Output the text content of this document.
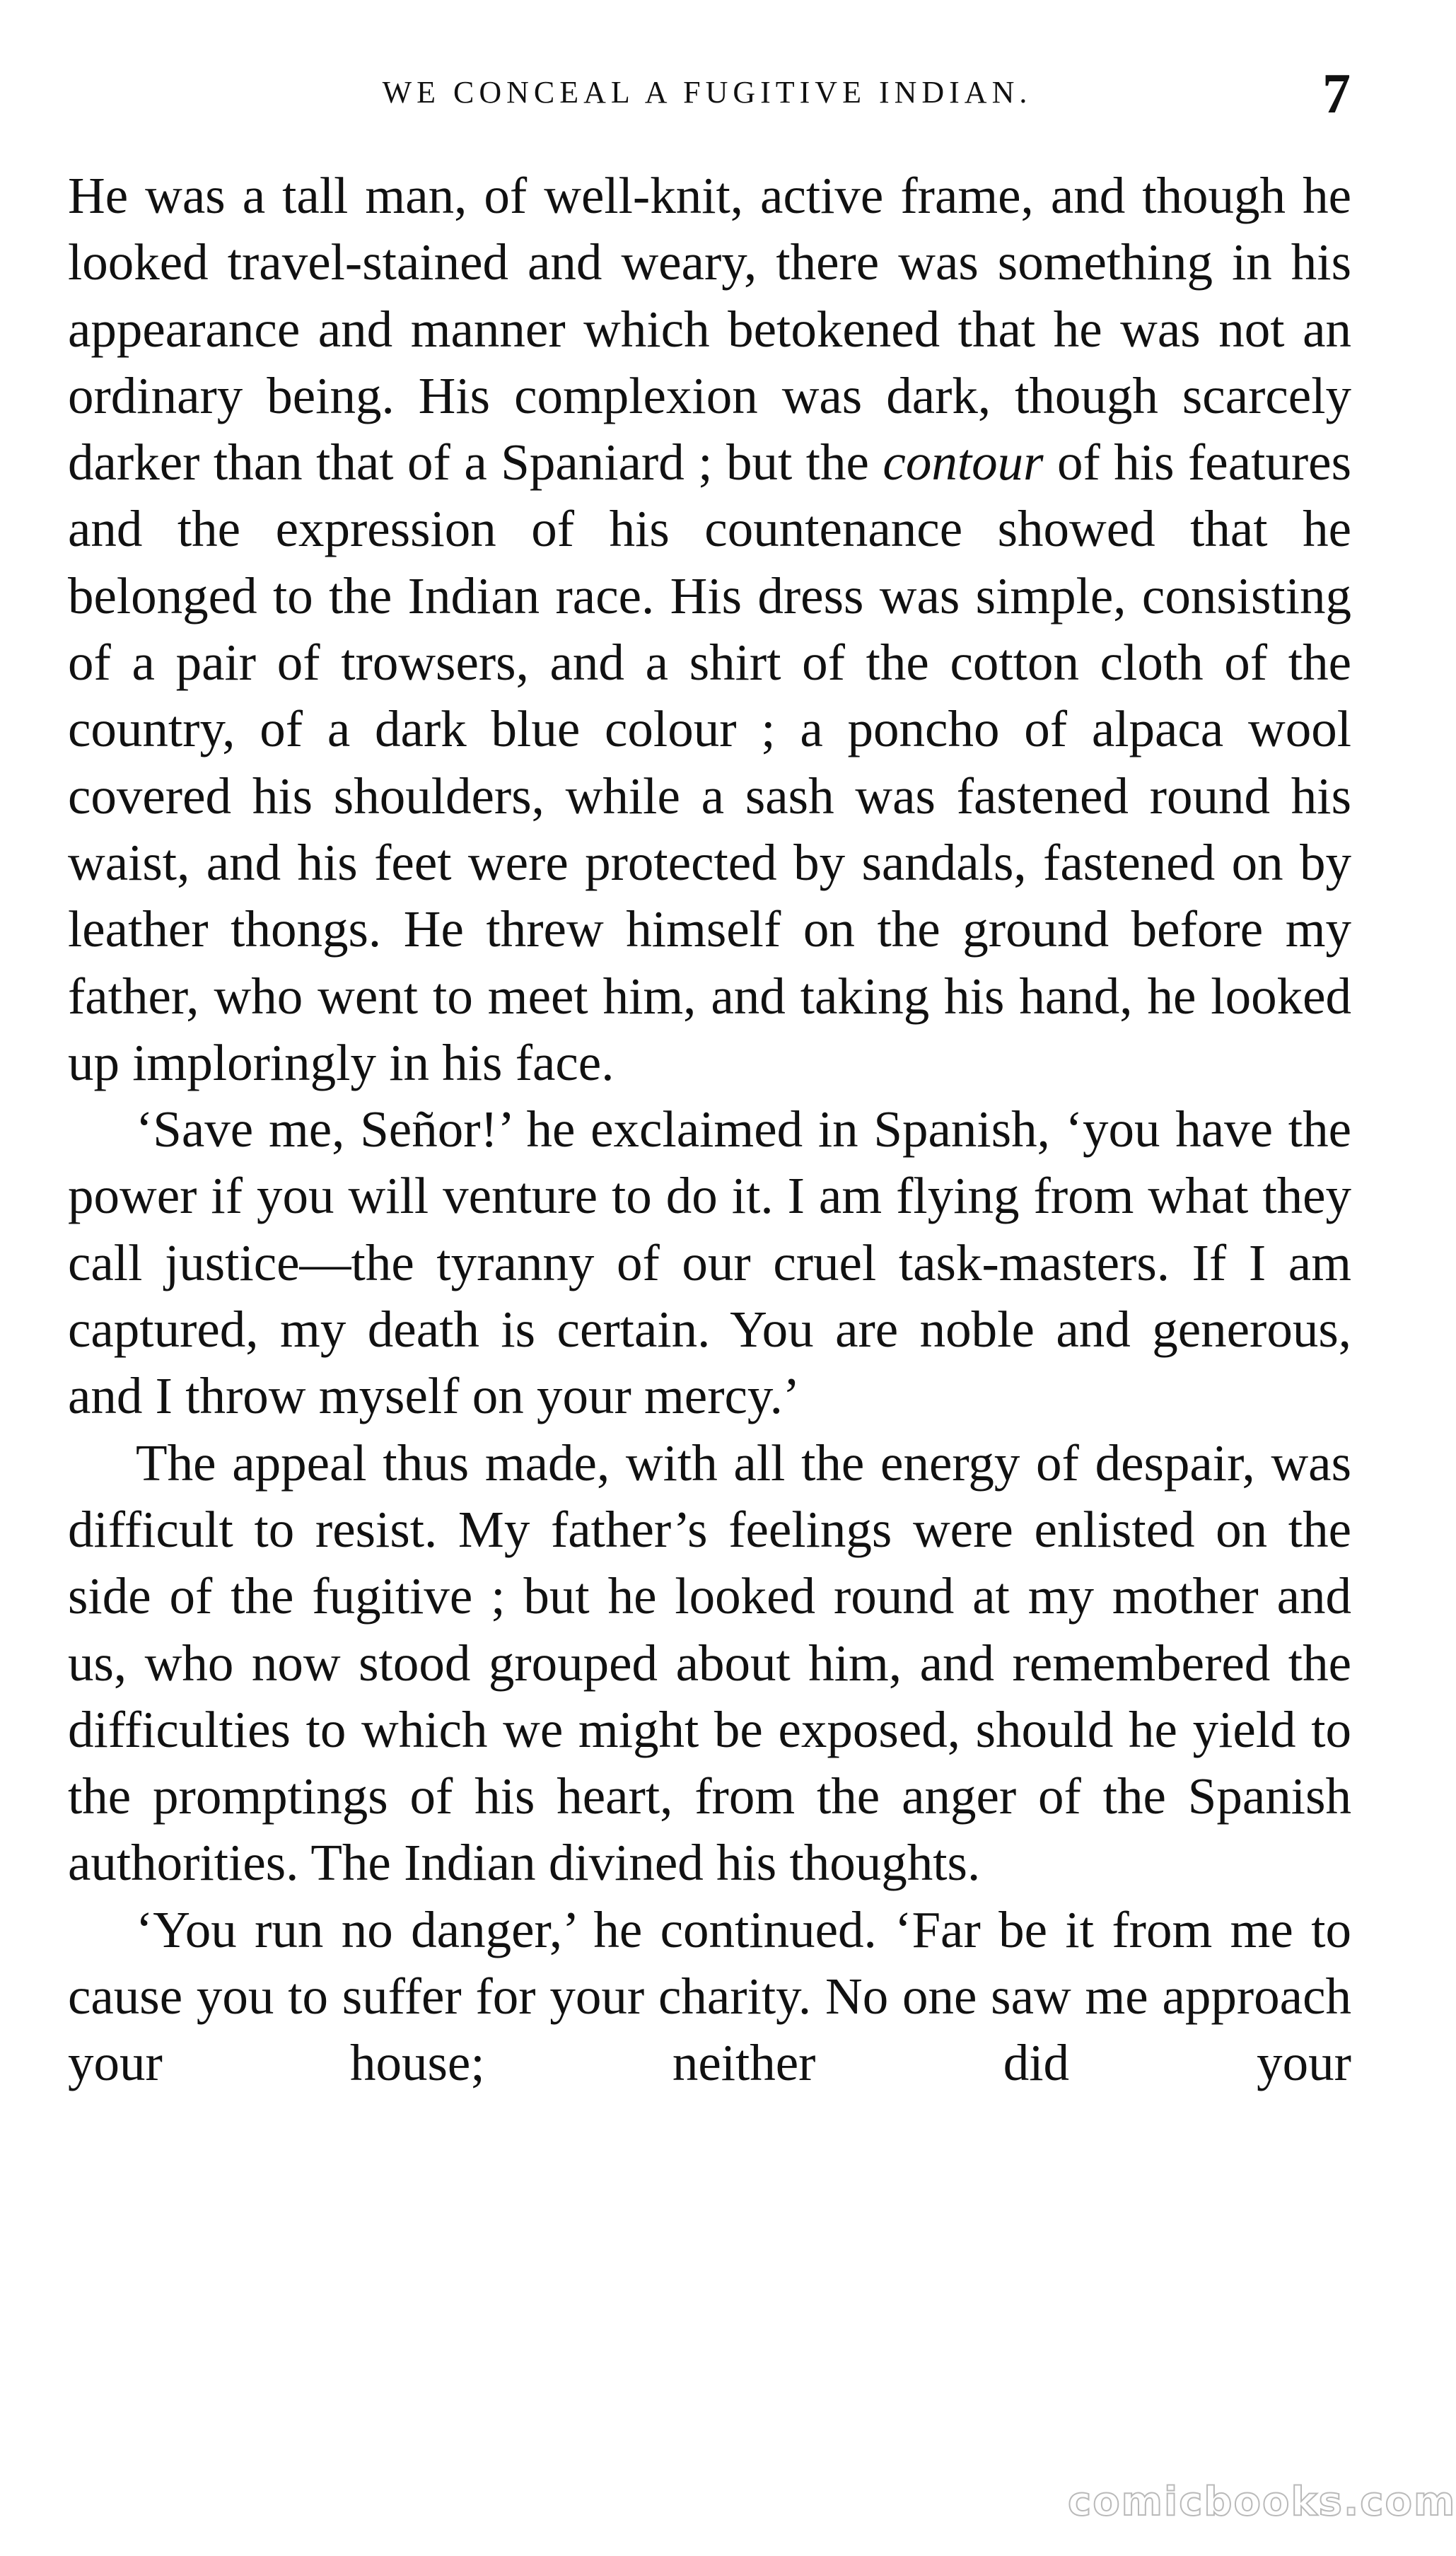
WE CONCEAL A FUGITIVE INDIAN.	7

He was a tall man, of well-knit, active frame, and though he looked travel-stained and weary, there was something in his appearance and manner which betokened that he was not an ordinary being. His complexion was dark, though scarcely darker than that of a Spaniard ; but the contour of his features and the expression of his countenance showed that he belonged to the Indian race. His dress was simple, consisting of a pair of trowsers, and a shirt of the cotton cloth of the country, of a dark blue colour ; a poncho of alpaca wool covered his shoulders, while a sash was fastened round his waist, and his feet were protected by sandals, fastened on by leather thongs. He threw himself on the ground before my father, who went to meet him, and taking his hand, he looked up imploringly in his face.

‘Save me, Señor!’ he exclaimed in Spanish, ‘you have the power if you will venture to do it. I am flying from what they call justice—the tyranny of our cruel task-masters. If I am captured, my death is certain. You are noble and generous, and I throw myself on your mercy.’

The appeal thus made, with all the energy of despair, was difficult to resist. My father’s feelings were enlisted on the side of the fugitive ; but he looked round at my mother and us, who now stood grouped about him, and remembered the difficulties to which we might be exposed, should he yield to the promptings of his heart, from the anger of the Spanish authorities. The Indian divined his thoughts.

‘You run no danger,’ he continued. ‘Far be it from me to cause you to suffer for your charity. No one saw me approach your house; neither did your

comicbooks.com
